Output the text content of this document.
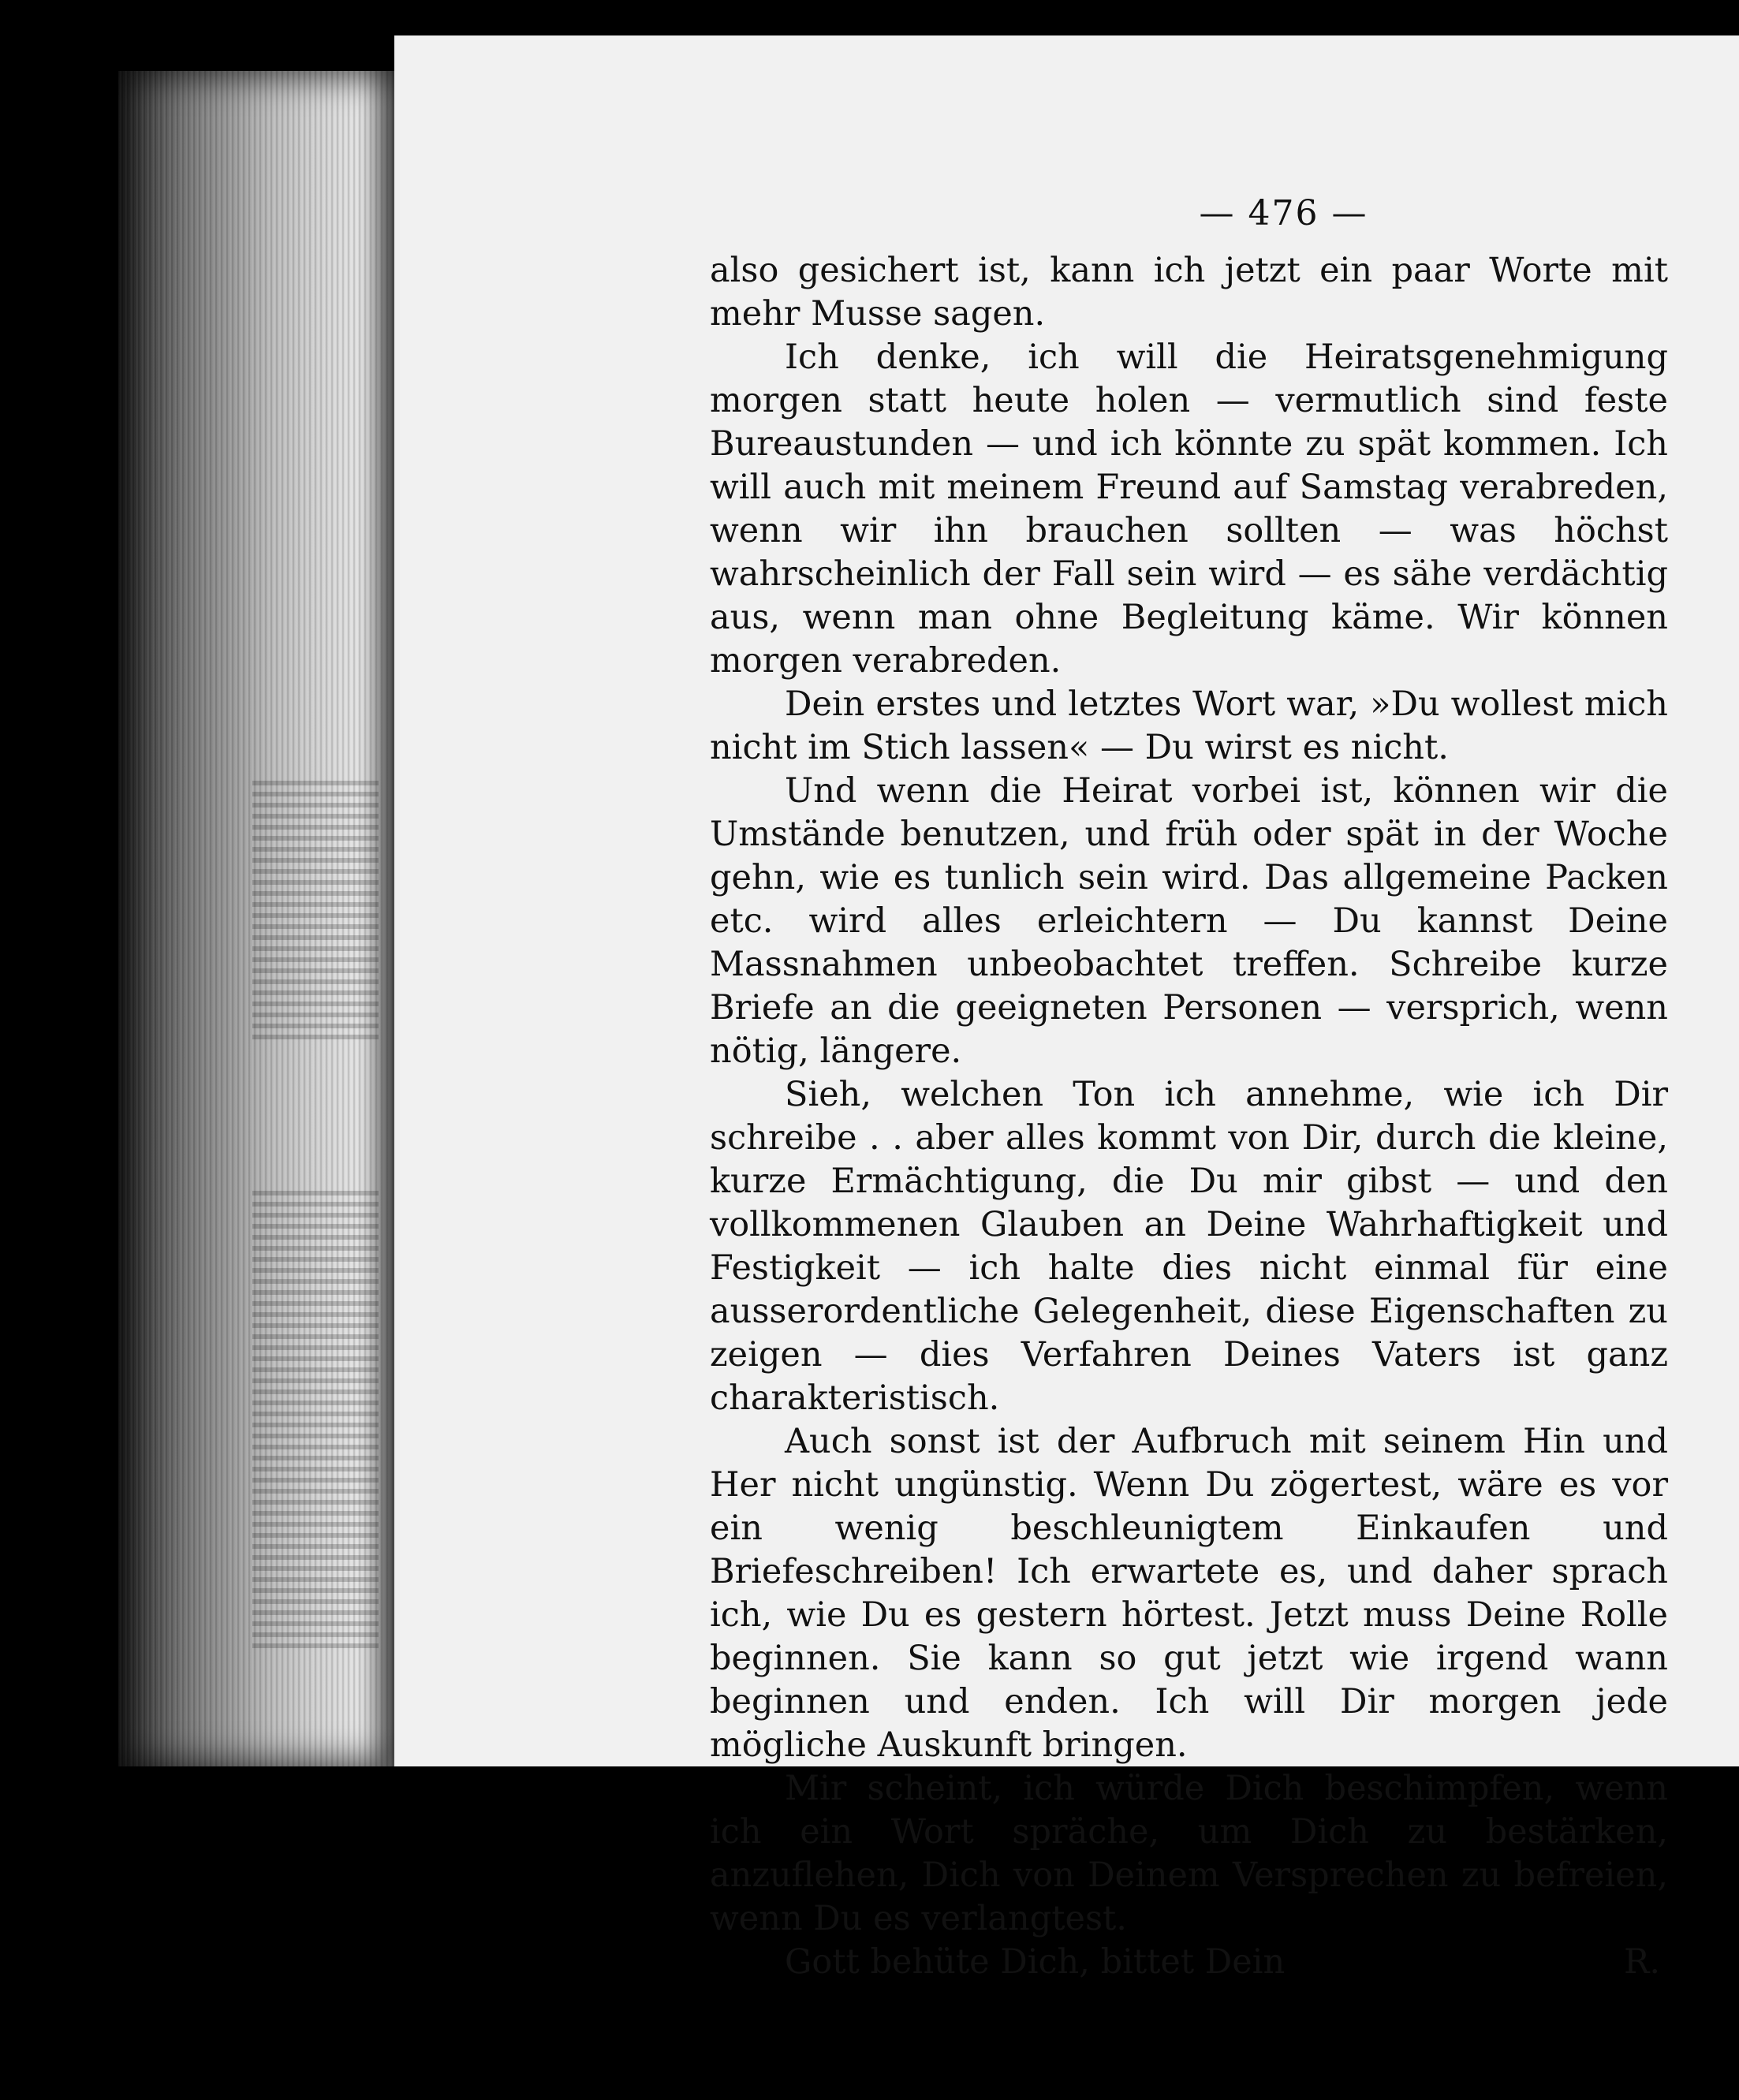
— 476 —

also gesichert ist, kann ich jetzt ein paar Worte mit mehr Musse sagen.

Ich denke, ich will die Heiratsgenehmigung morgen statt heute holen — vermutlich sind feste Bureaustunden — und ich könnte zu spät kommen. Ich will auch mit meinem Freund auf Samstag verabreden, wenn wir ihn brauchen sollten — was höchst wahrscheinlich der Fall sein wird — es sähe verdächtig aus, wenn man ohne Begleitung käme. Wir können morgen verabreden.

Dein erstes und letztes Wort war, »Du wollest mich nicht im Stich lassen« — Du wirst es nicht.

Und wenn die Heirat vorbei ist, können wir die Umstände benutzen, und früh oder spät in der Woche gehn, wie es tunlich sein wird. Das allgemeine Packen etc. wird alles erleichtern — Du kannst Deine Massnahmen unbeobachtet treffen. Schreibe kurze Briefe an die geeigneten Personen — versprich, wenn nötig, längere.

Sieh, welchen Ton ich annehme, wie ich Dir schreibe . . aber alles kommt von Dir, durch die kleine, kurze Ermächtigung, die Du mir gibst — und den vollkommenen Glauben an Deine Wahrhaftigkeit und Festigkeit — ich halte dies nicht einmal für eine ausserordentliche Gelegenheit, diese Eigenschaften zu zeigen — dies Verfahren Deines Vaters ist ganz charakteristisch.

Auch sonst ist der Aufbruch mit seinem Hin und Her nicht ungünstig. Wenn Du zögertest, wäre es vor ein wenig beschleunigtem Einkaufen und Briefeschreiben! Ich erwartete es, und daher sprach ich, wie Du es gestern hörtest. Jetzt muss Deine Rolle beginnen. Sie kann so gut jetzt wie irgend wann beginnen und enden. Ich will Dir morgen jede mögliche Auskunft bringen.

Mir scheint, ich würde Dich beschimpfen, wenn ich ein Wort spräche, um Dich zu bestärken, anzuflehen, Dich von Deinem Versprechen zu befreien, wenn Du es verlangtest.

Gott behüte Dich, bittet Dein	R.
